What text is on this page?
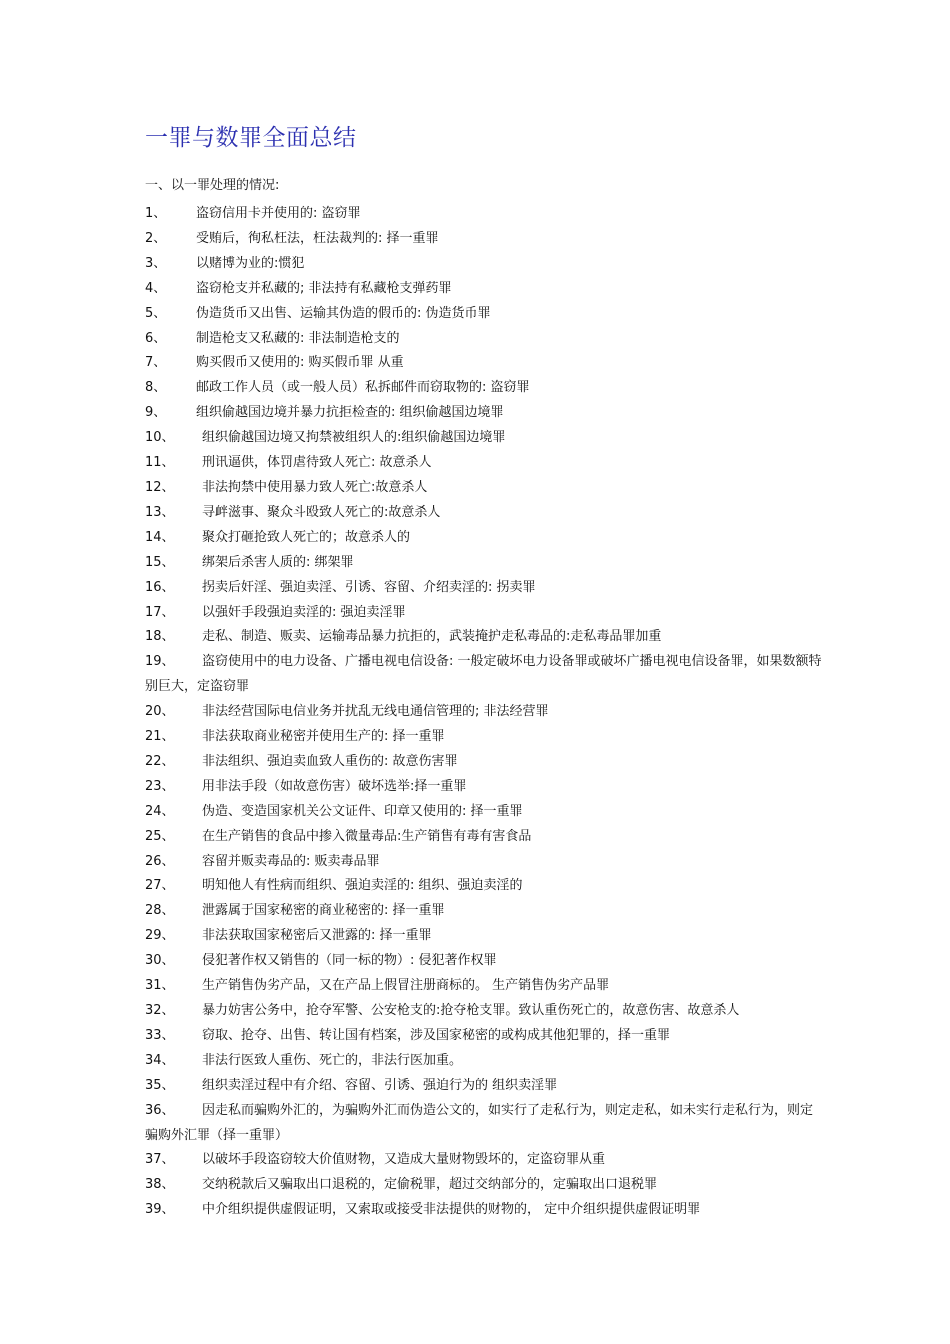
一罪与数罪全面总结
一、以一罪处理的情况:
1、 盗窃信用卡并使用的: 盗窃罪
2、 受贿后，徇私枉法，枉法裁判的: 择一重罪
3、 以赌博为业的:惯犯
4、 盗窃枪支并私藏的; 非法持有私藏枪支弹药罪
5、 伪造货币又出售、运输其伪造的假币的: 伪造货币罪
6、 制造枪支又私藏的: 非法制造枪支的
7、 购买假币又使用的: 购买假币罪 从重
8、 邮政工作人员（或一般人员）私拆邮件而窃取物的: 盗窃罪
9、 组织偷越国边境并暴力抗拒检查的: 组织偷越国边境罪
10、 组织偷越国边境又拘禁被组织人的:组织偷越国边境罪
11、 刑讯逼供，体罚虐待致人死亡: 故意杀人
12、 非法拘禁中使用暴力致人死亡:故意杀人
13、 寻衅滋事、聚众斗殴致人死亡的:故意杀人
14、 聚众打砸抢致人死亡的；故意杀人的
15、 绑架后杀害人质的: 绑架罪
16、 拐卖后奸淫、强迫卖淫、引诱、容留、介绍卖淫的: 拐卖罪
17、 以强奸手段强迫卖淫的: 强迫卖淫罪
18、 走私、制造、贩卖、运输毒品暴力抗拒的，武装掩护走私毒品的:走私毒品罪加重
19、 盗窃使用中的电力设备、广播电视电信设备: 一般定破坏电力设备罪或破坏广播电视电信设备罪，如果数额特别巨大，定盗窃罪
20、 非法经营国际电信业务并扰乱无线电通信管理的; 非法经营罪
21、 非法获取商业秘密并使用生产的: 择一重罪
22、 非法组织、强迫卖血致人重伤的: 故意伤害罪
23、 用非法手段（如故意伤害）破坏选举:择一重罪
24、 伪造、变造国家机关公文证件、印章又使用的: 择一重罪
25、 在生产销售的食品中掺入微量毒品:生产销售有毒有害食品
26、 容留并贩卖毒品的: 贩卖毒品罪
27、 明知他人有性病而组织、强迫卖淫的: 组织、强迫卖淫的
28、 泄露属于国家秘密的商业秘密的: 择一重罪
29、 非法获取国家秘密后又泄露的: 择一重罪
30、 侵犯著作权又销售的（同一标的物）: 侵犯著作权罪
31、 生产销售伪劣产品，又在产品上假冒注册商标的。 生产销售伪劣产品罪
32、 暴力妨害公务中，抢夺军警、公安枪支的:抢夺枪支罪。致认重伤死亡的，故意伤害、故意杀人
33、 窃取、抢夺、出售、转让国有档案，涉及国家秘密的或构成其他犯罪的，择一重罪
34、 非法行医致人重伤、死亡的，非法行医加重。
35、 组织卖淫过程中有介绍、容留、引诱、强迫行为的 组织卖淫罪
36、 因走私而骗购外汇的，为骗购外汇而伪造公文的，如实行了走私行为，则定走私，如未实行走私行为，则定骗购外汇罪（择一重罪）
37、 以破坏手段盗窃较大价值财物，又造成大量财物毁坏的，定盗窃罪从重
38、 交纳税款后又骗取出口退税的，定偷税罪，超过交纳部分的，定骗取出口退税罪
39、 中介组织提供虚假证明，又索取或接受非法提供的财物的， 定中介组织提供虚假证明罪
